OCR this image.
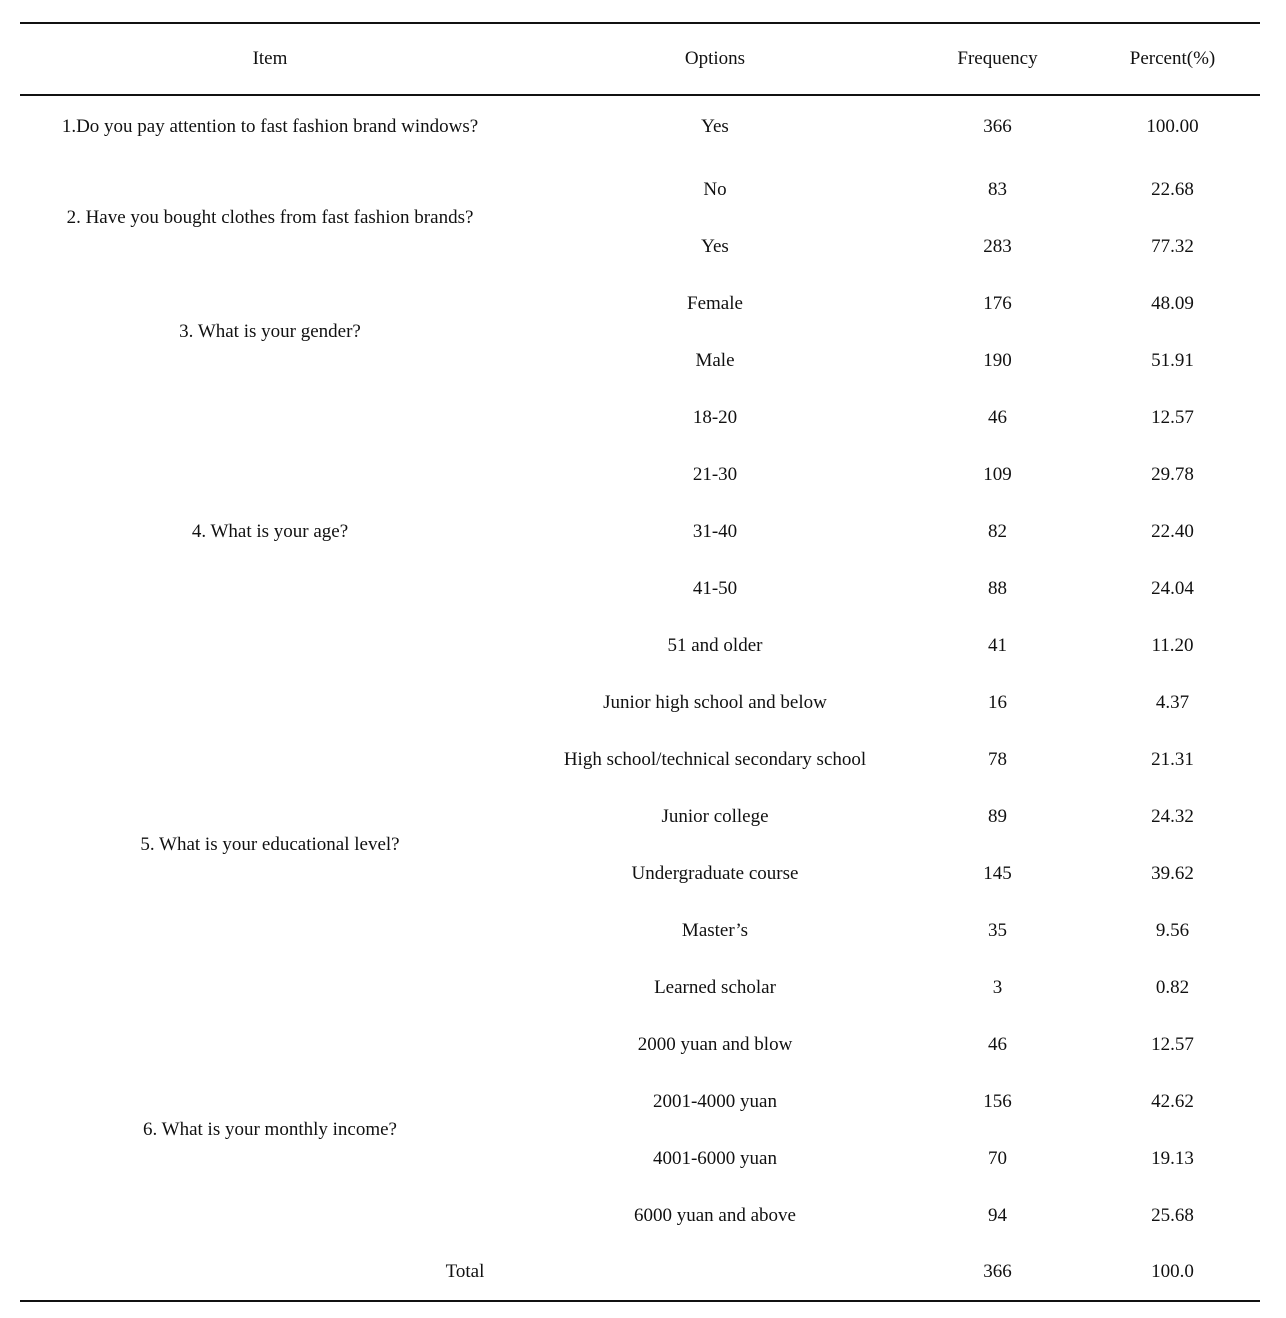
Item	Options	Frequency	Percent(%)
1.Do you pay attention to fast fashion brand windows?	Yes	366	100.00
2. Have you bought clothes from fast fashion brands?	No	83	22.68
	Yes	283	77.32
3. What is your gender?	Female	176	48.09
	Male	190	51.91
4. What is your age?	18-20	46	12.57
	21-30	109	29.78
	31-40	82	22.40
	41-50	88	24.04
	51 and older	41	11.20
5. What is your educational level?	Junior high school and below	16	4.37
	High school/technical secondary school	78	21.31
	Junior college	89	24.32
	Undergraduate course	145	39.62
	Master’s	35	9.56
	Learned scholar	3	0.82
6. What is your monthly income?	2000 yuan and blow	46	12.57
	2001-4000 yuan	156	42.62
	4001-6000 yuan	70	19.13
	6000 yuan and above	94	25.68
Total		366	100.0
